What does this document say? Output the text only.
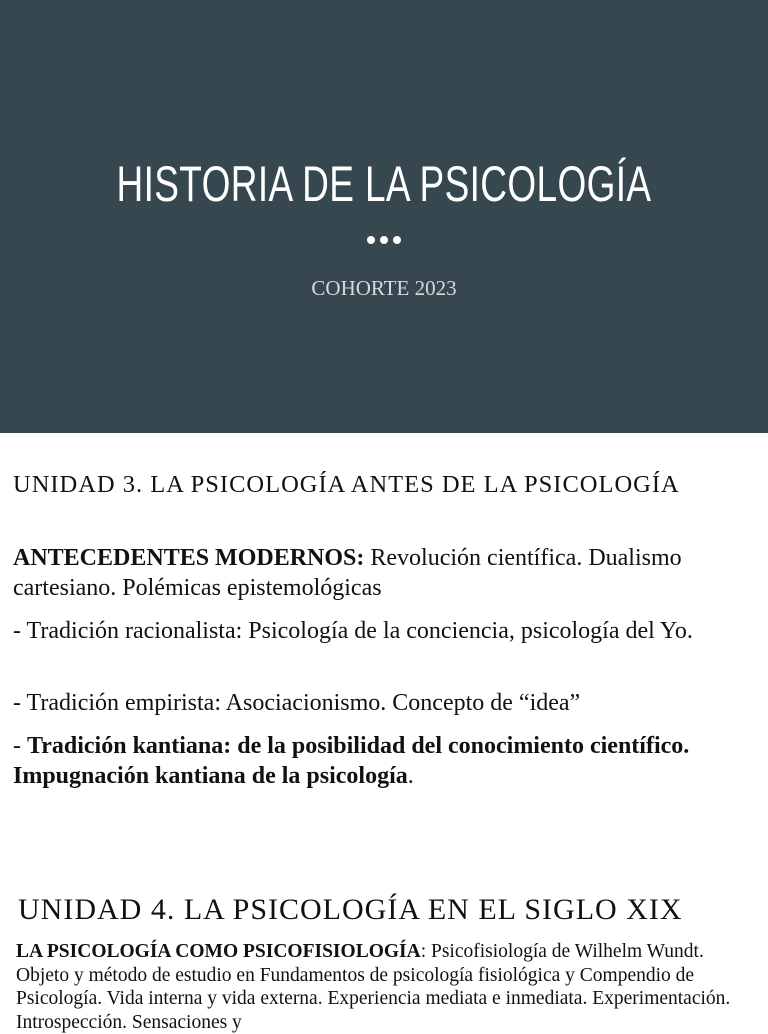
HISTORIA DE LA PSICOLOGÍA

COHORTE 2023
UNIDAD 3. LA PSICOLOGÍA ANTES DE LA PSICOLOGÍA
ANTECEDENTES MODERNOS: Revolución científica. Dualismo cartesiano. Polémicas epistemológicas
- Tradición racionalista: Psicología de la conciencia, psicología del Yo.
- Tradición empirista: Asociacionismo. Concepto de “idea”
- Tradición kantiana: de la posibilidad del conocimiento científico. Impugnación kantiana de la psicología.
UNIDAD 4. LA PSICOLOGÍA EN EL SIGLO XIX
LA PSICOLOGÍA COMO PSICOFISIOLOGÍA: Psicofisiología de Wilhelm Wundt. Objeto y método de estudio en Fundamentos de psicología fisiológica y Compendio de Psicología. Vida interna y vida externa. Experiencia mediata e inmediata. Experimentación. Introspección. Sensaciones y
